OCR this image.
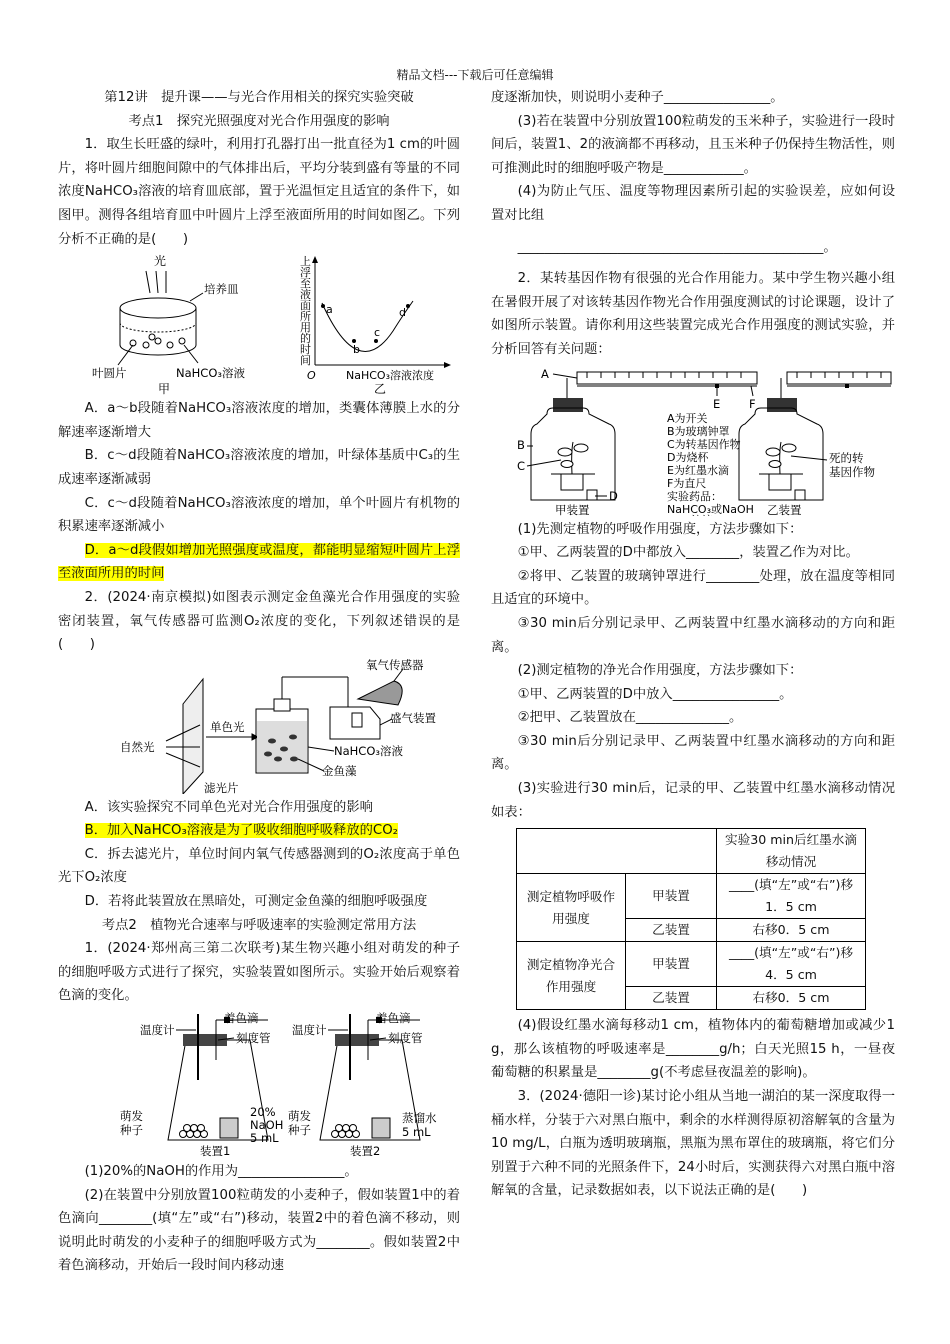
精品文档---下载后可任意编辑

第12讲　提升课——与光合作用相关的探究实验突破

考点1　探究光照强度对光合作用强度的影响

1．取生长旺盛的绿叶，利用打孔器打出一批直径为1 cm的叶圆片，将叶圆片细胞间隙中的气体排出后，平均分装到盛有等量的不同浓度NaHCO₃溶液的培育皿底部，置于光温恒定且适宜的条件下，如图甲。测得各组培育皿中叶圆片上浮至液面所用的时间如图乙。下列分析不正确的是(　　)

光
培养皿
叶圆片	NaHCO₃溶液
甲
上
浮
至
液
面
所
用
的
时
间
O
a
b
c
d
NaHCO₃溶液浓度
乙

A．a～b段随着NaHCO₃溶液浓度的增加，类囊体薄膜上水的分解速率逐渐增大

B．c～d段随着NaHCO₃溶液浓度的增加，叶绿体基质中C₃的生成速率逐渐减弱

C．c～d段随着NaHCO₃溶液浓度的增加，单个叶圆片有机物的积累速率逐渐减小

D．a～d段假如增加光照强度或温度，都能明显缩短叶圆片上浮至液面所用的时间

2．(2024·南京模拟)如图表示测定金鱼藻光合作用强度的实验密闭装置，氧气传感器可监测O₂浓度的变化，下列叙述错误的是(　　)

自然光
单色光
滤光片
氧气传感器
盛气装置
NaHCO₃溶液
金鱼藻

A．该实验探究不同单色光对光合作用强度的影响

B．加入NaHCO₃溶液是为了吸收细胞呼吸释放的CO₂

C．拆去滤光片，单位时间内氧气传感器测到的O₂浓度高于单色光下O₂浓度

D．若将此装置放在黑暗处，可测定金鱼藻的细胞呼吸强度

考点2　植物光合速率与呼吸速率的实验测定常用方法

1．(2024·郑州高三第二次联考)某生物兴趣小组对萌发的种子的细胞呼吸方式进行了探究，实验装置如图所示。实验开始后观察着色滴的变化。

温度计
着色滴
刻度管
萌发
种子
20%
NaOH
5 mL
装置1
温度计
着色滴
刻度管
萌发
种子
蒸馏水
5 mL
装置2

(1)20%的NaOH的作用为________________。

(2)在装置中分别放置100粒萌发的小麦种子，假如装置1中的着色滴向________(填“左”或“右”)移动，装置2中的着色滴不移动，则说明此时萌发的小麦种子的细胞呼吸方式为________。假如装置2中着色滴移动，开始后一段时间内移动速

度逐渐加快，则说明小麦种子________________。

(3)若在装置中分别放置100粒萌发的玉米种子，实验进行一段时间后，装置1、2的液滴都不再移动，且玉米种子仍保持生物活性，则可推测此时的细胞呼吸产物是____________。

(4)为防止气压、温度等物理因素所引起的实验误差，应如何设置对比组

______________________________________________。

2．某转基因作物有很强的光合作用能力。某中学生物兴趣小组在暑假开展了对该转基因作物光合作用强度测试的讨论课题，设计了如图所示装置。请你利用这些装置完成光合作用强度的测试实验，并分析回答有关问题：

A
E F
B
C
D
甲装置
A为开关
B为玻璃钟罩
C为转基因作物
D为烧杯
E为红墨水滴
F为直尺
实验药品：
NaHCO₃或NaOH
死的转
基因作物
乙装置

(1)先测定植物的呼吸作用强度，方法步骤如下：

①甲、乙两装置的D中都放入________，装置乙作为对比。

②将甲、乙装置的玻璃钟罩进行________处理，放在温度等相同且适宜的环境中。

③30 min后分别记录甲、乙两装置中红墨水滴移动的方向和距离。

(2)测定植物的净光合作用强度，方法步骤如下：

①甲、乙两装置的D中放入________________。

②把甲、乙装置放在______________。

③30 min后分别记录甲、乙两装置中红墨水滴移动的方向和距离。

(3)实验进行30 min后，记录的甲、乙装置中红墨水滴移动情况如表：

		实验30 min后红墨水滴移动情况
测定植物呼吸作用强度	甲装置	____(填“左”或“右”)移1．5 cm
	乙装置	右移0．5 cm
测定植物净光合作用强度	甲装置	____(填“左”或“右”)移4．5 cm
	乙装置	右移0．5 cm

(4)假设红墨水滴每移动1 cm，植物体内的葡萄糖增加或减少1 g，那么该植物的呼吸速率是________g/h；白天光照15 h，一昼夜葡萄糖的积累量是________g(不考虑昼夜温差的影响)。

3．(2024·德阳一诊)某讨论小组从当地一湖泊的某一深度取得一桶水样，分装于六对黑白瓶中，剩余的水样测得原初溶解氧的含量为10 mg/L，白瓶为透明玻璃瓶，黑瓶为黑布罩住的玻璃瓶，将它们分别置于六种不同的光照条件下，24小时后，实测获得六对黑白瓶中溶解氧的含量，记录数据如表，以下说法正确的是(　　)
